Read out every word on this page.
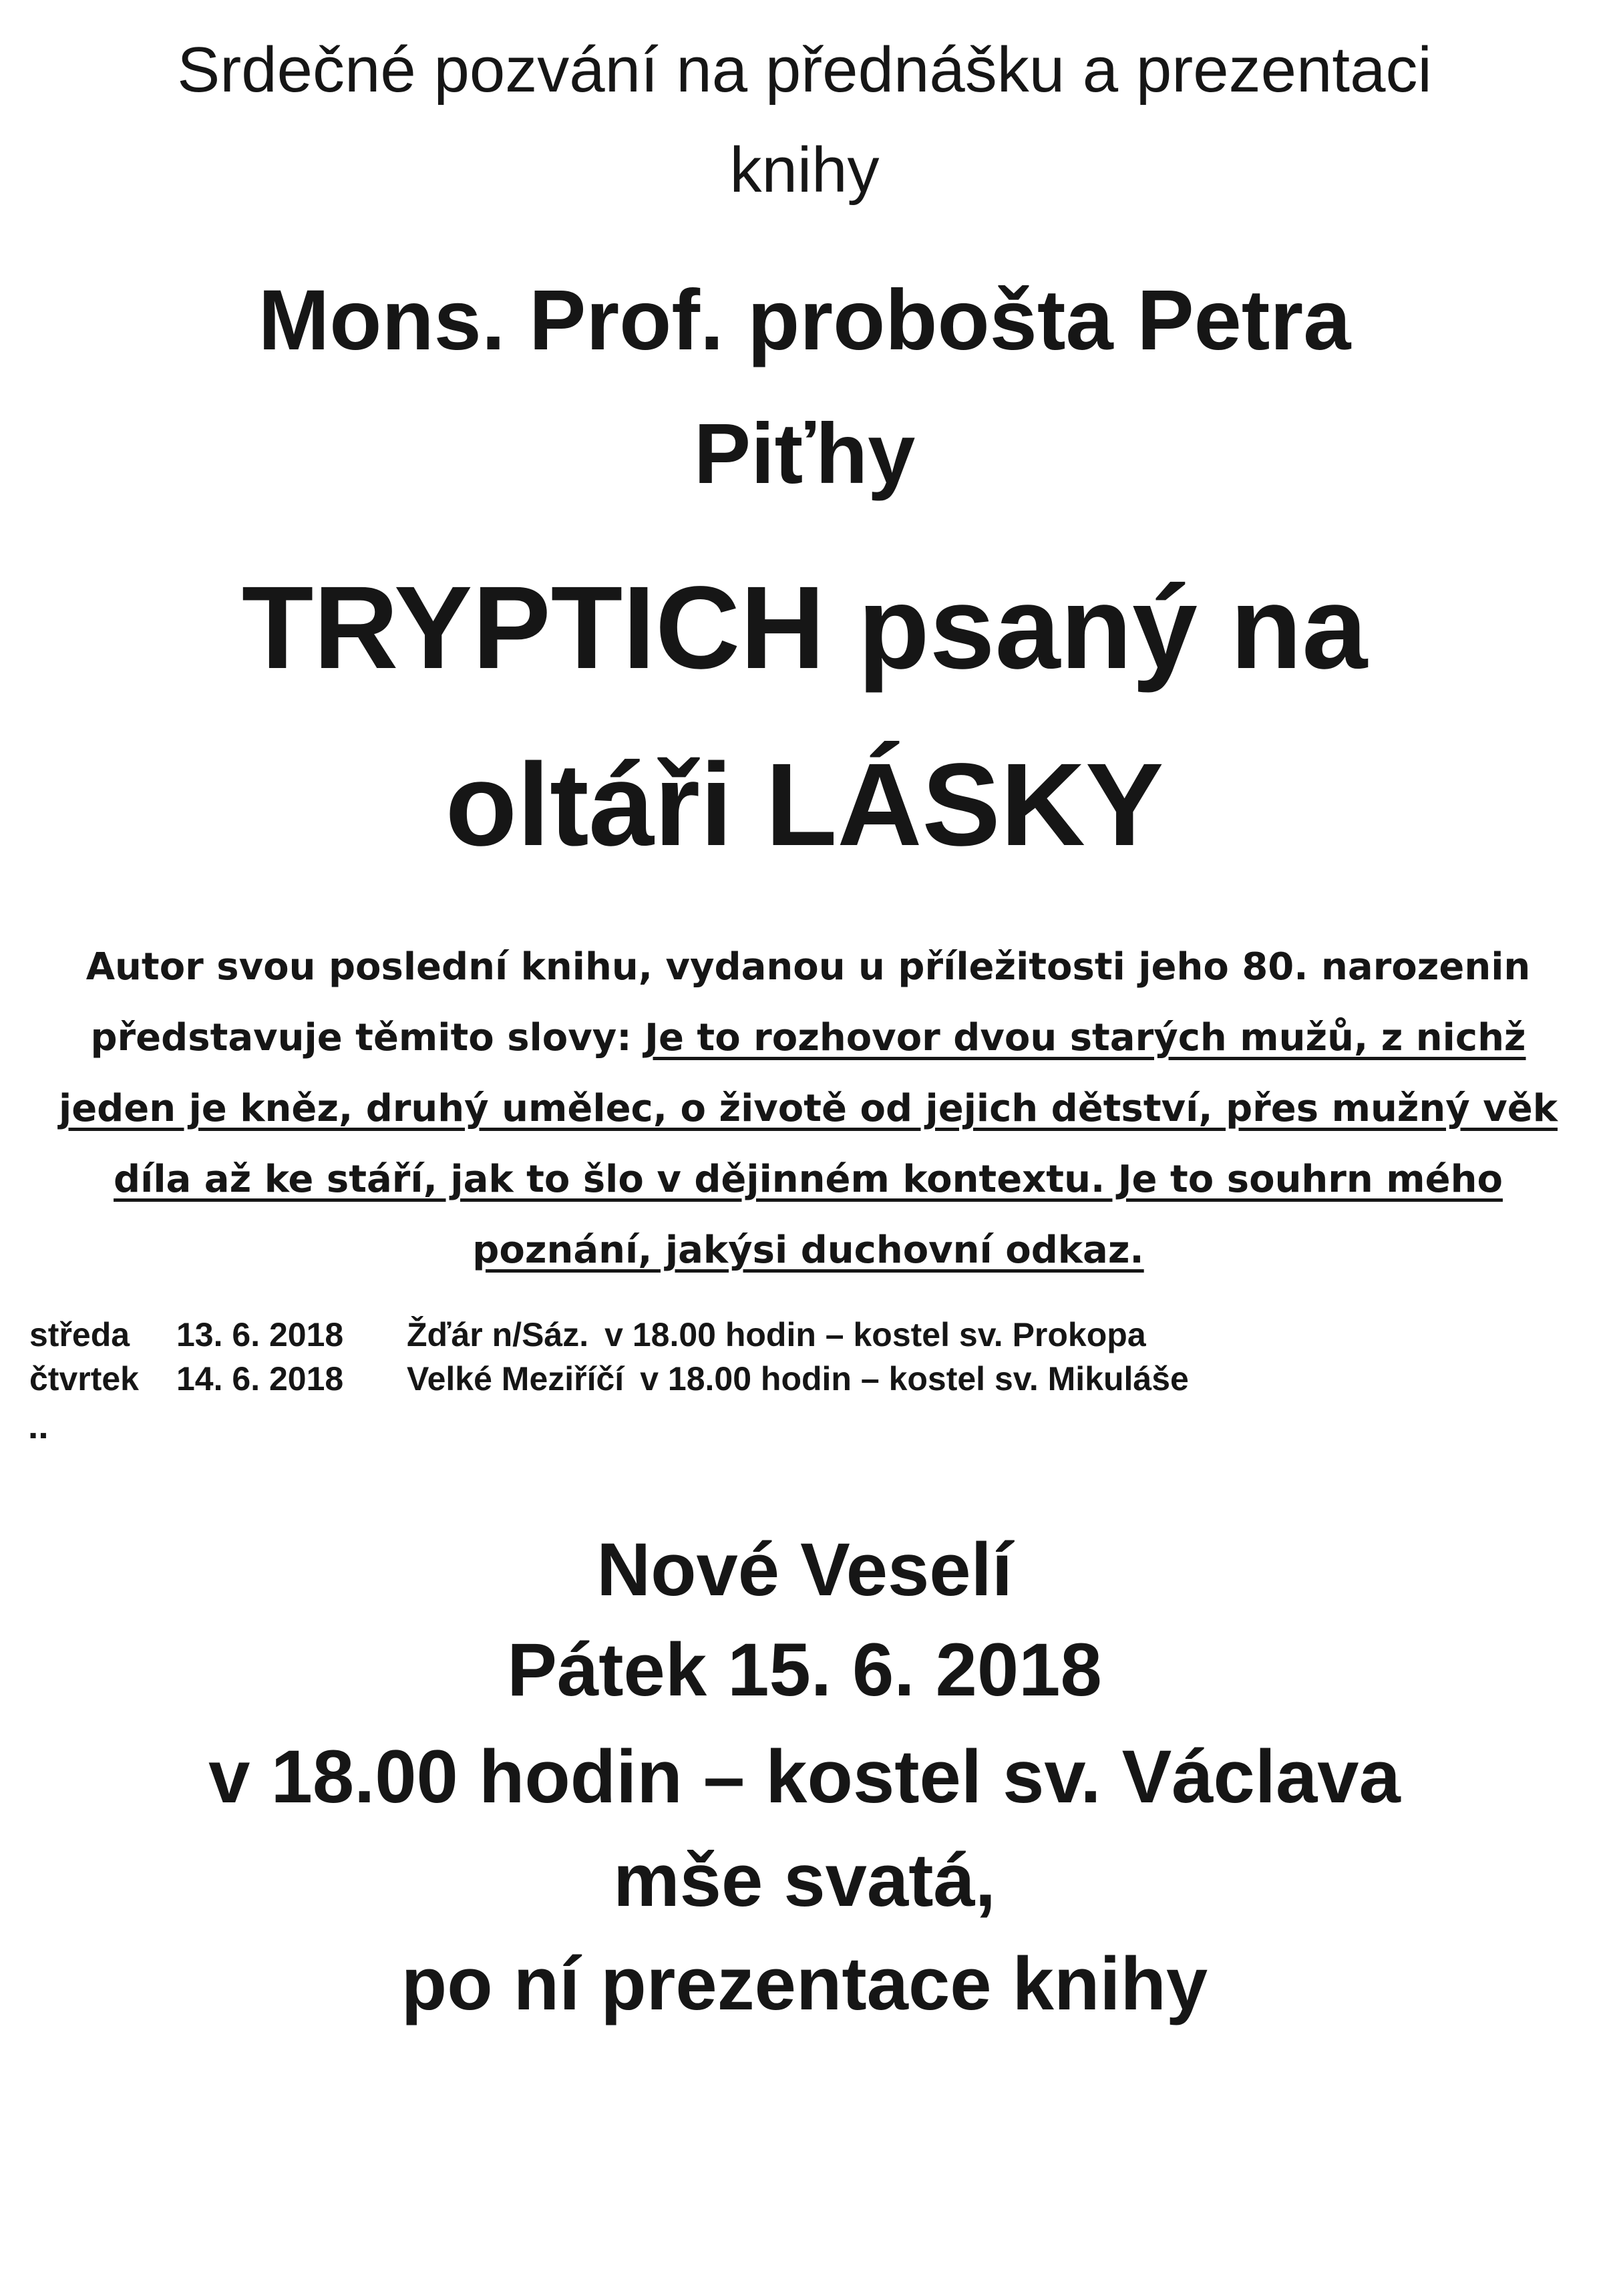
Srdečné pozvání na přednášku a prezentaci
knihy
Mons. Prof. probošta Petra
Piťhy
TRYPTICH psaný na
oltáři LÁSKY
Autor svou poslední knihu, vydanou u příležitosti jeho 80. narozenin představuje těmito slovy: Je to rozhovor dvou starých mužů, z nichž jeden je kněz, druhý umělec, o životě od jejich dětství, přes mužný věk díla až ke stáří, jak to šlo v dějinném kontextu. Je to souhrn mého poznání, jakýsi duchovní odkaz.
středa	13. 6. 2018	Žďár n/Sáz. v 18.00 hodin – kostel sv. Prokopa
čtvrtek	14. 6. 2018	Velké Meziříčí v 18.00 hodin – kostel sv. Mikuláše
▪▪
Nové Veselí
Pátek 15. 6. 2018
v 18.00 hodin – kostel sv. Václava
mše svatá,
po ní prezentace knihy
